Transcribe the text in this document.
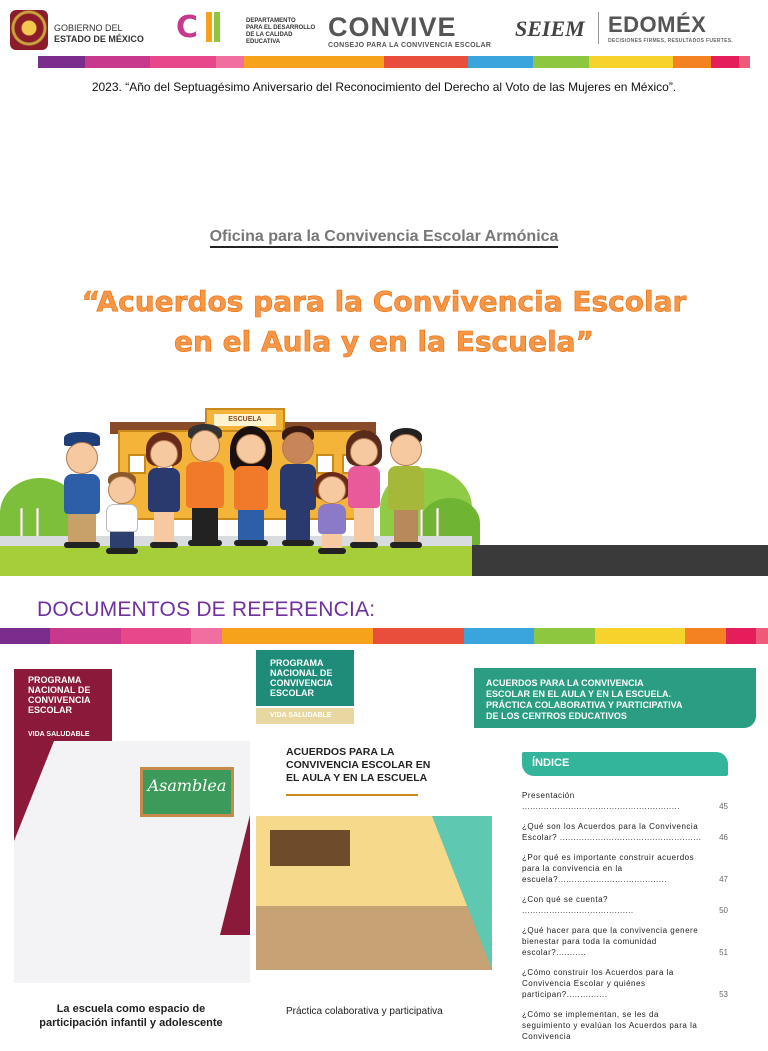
GOBIERNO DEL
ESTADO DE MÉXICO C	DEPARTAMENTO
PARA EL DESARROLLO
DE LA CALIDAD
EDUCATIVA	CONVIVE
CONSEJO PARA LA CONVIVENCIA ESCOLAR
SEIEM EDOMÉX
DECISIONES FIRMES, RESULTADOS FUERTES.
2023. “Año del Septuagésimo Aniversario del Reconocimiento del Derecho al Voto de las Mujeres en México”.
Oficina para la Convivencia Escolar Armónica
“Acuerdos para la Convivencia Escolar
en el Aula y en la Escuela”
ESCUELA
DOCUMENTOS DE REFERENCIA:
PROGRAMA
NACIONAL DE
CONVIVENCIA
ESCOLAR
VIDA SALUDABLE
Asamblea
La escuela como espacio de
participación infantil y adolescente
PROGRAMA
NACIONAL DE
CONVIVENCIA
ESCOLAR
VIDA SALUDABLE
ACUERDOS PARA LA
CONVIVENCIA ESCOLAR EN
EL AULA Y EN LA ESCUELA
Práctica colaborativa y participativa
ACUERDOS PARA LA CONVIVENCIA
ESCOLAR EN EL AULA Y EN LA ESCUELA.
PRÁCTICA COLABORATIVA Y PARTICIPATIVA
DE LOS CENTROS EDUCATIVOS
ÍNDICE
Presentación ..........................................................	45
¿Qué son los Acuerdos para la Convivencia Escolar? .................................................... 46
¿Por qué es importante construir acuerdos para la convivencia en la escuela?........................................	47
¿Con qué se cuenta? .........................................	50
¿Qué hacer para que la convivencia genere bienestar para toda la comunidad escolar?...........	51
¿Cómo construir los Acuerdos para la Convivencia Escolar y quiénes participan?...............	53
¿Cómo se implementan, se les da seguimiento y evalúan los Acuerdos para la Convivencia
